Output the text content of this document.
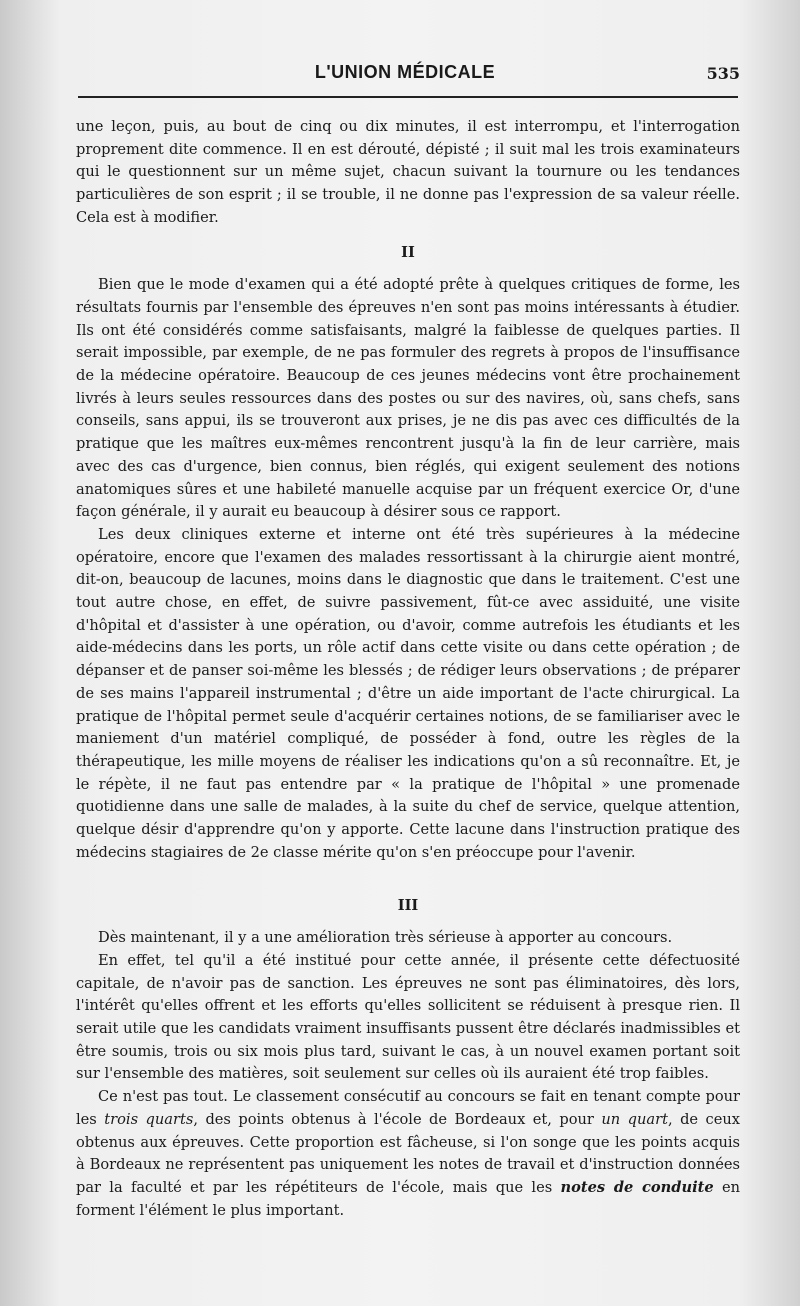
L'UNION MÉDICALE	535

une leçon, puis, au bout de cinq ou dix minutes, il est interrompu, et l'interrogation proprement dite commence. Il en est dérouté, dépisté ; il suit mal les trois examinateurs qui le questionnent sur un même sujet, chacun suivant la tournure ou les tendances particulières de son esprit ; il se trouble, il ne donne pas l'expression de sa valeur réelle. Cela est à modifier.

II

Bien que le mode d'examen qui a été adopté prête à quelques critiques de forme, les résultats fournis par l'ensemble des épreuves n'en sont pas moins intéressants à étudier. Ils ont été considérés comme satisfaisants, malgré la faiblesse de quelques parties. Il serait impossible, par exemple, de ne pas formuler des regrets à propos de l'insuffisance de la médecine opératoire. Beaucoup de ces jeunes médecins vont être prochainement livrés à leurs seules ressources dans des postes ou sur des navires, où, sans chefs, sans conseils, sans appui, ils se trouveront aux prises, je ne dis pas avec ces difficultés de la pratique que les maîtres eux-mêmes rencontrent jusqu'à la fin de leur carrière, mais avec des cas d'urgence, bien connus, bien réglés, qui exigent seulement des notions anatomiques sûres et une habileté manuelle acquise par un fréquent exercice Or, d'une façon générale, il y aurait eu beaucoup à désirer sous ce rapport.

Les deux cliniques externe et interne ont été très supérieures à la médecine opératoire, encore que l'examen des malades ressortissant à la chirurgie aient montré, dit-on, beaucoup de lacunes, moins dans le diagnostic que dans le traitement. C'est une tout autre chose, en effet, de suivre passivement, fût-ce avec assiduité, une visite d'hôpital et d'assister à une opération, ou d'avoir, comme autrefois les étudiants et les aide-médecins dans les ports, un rôle actif dans cette visite ou dans cette opération ; de dépanser et de panser soi-même les blessés ; de rédiger leurs observations ; de préparer de ses mains l'appareil instrumental ; d'être un aide important de l'acte chirurgical. La pratique de l'hôpital permet seule d'acquérir certaines notions, de se familiariser avec le maniement d'un matériel compliqué, de posséder à fond, outre les règles de la thérapeutique, les mille moyens de réaliser les indications qu'on a sû reconnaître. Et, je le répète, il ne faut pas entendre par « la pratique de l'hôpital » une promenade quotidienne dans une salle de malades, à la suite du chef de service, quelque attention, quelque désir d'apprendre qu'on y apporte. Cette lacune dans l'instruction pratique des médecins stagiaires de 2e classe mérite qu'on s'en préoccupe pour l'avenir.

III

Dès maintenant, il y a une amélioration très sérieuse à apporter au concours.

En effet, tel qu'il a été institué pour cette année, il présente cette défectuosité capitale, de n'avoir pas de sanction. Les épreuves ne sont pas éliminatoires, dès lors, l'intérêt qu'elles offrent et les efforts qu'elles sollicitent se réduisent à presque rien. Il serait utile que les candidats vraiment insuffisants pussent être déclarés inadmissibles et être soumis, trois ou six mois plus tard, suivant le cas, à un nouvel examen portant soit sur l'ensemble des matières, soit seulement sur celles où ils auraient été trop faibles.

Ce n'est pas tout. Le classement consécutif au concours se fait en tenant compte pour les trois quarts, des points obtenus à l'école de Bordeaux et, pour un quart, de ceux obtenus aux épreuves. Cette proportion est fâcheuse, si l'on songe que les points acquis à Bordeaux ne représentent pas uniquement les notes de travail et d'instruction données par la faculté et par les répétiteurs de l'école, mais que les notes de conduite en forment l'élément le plus important.
